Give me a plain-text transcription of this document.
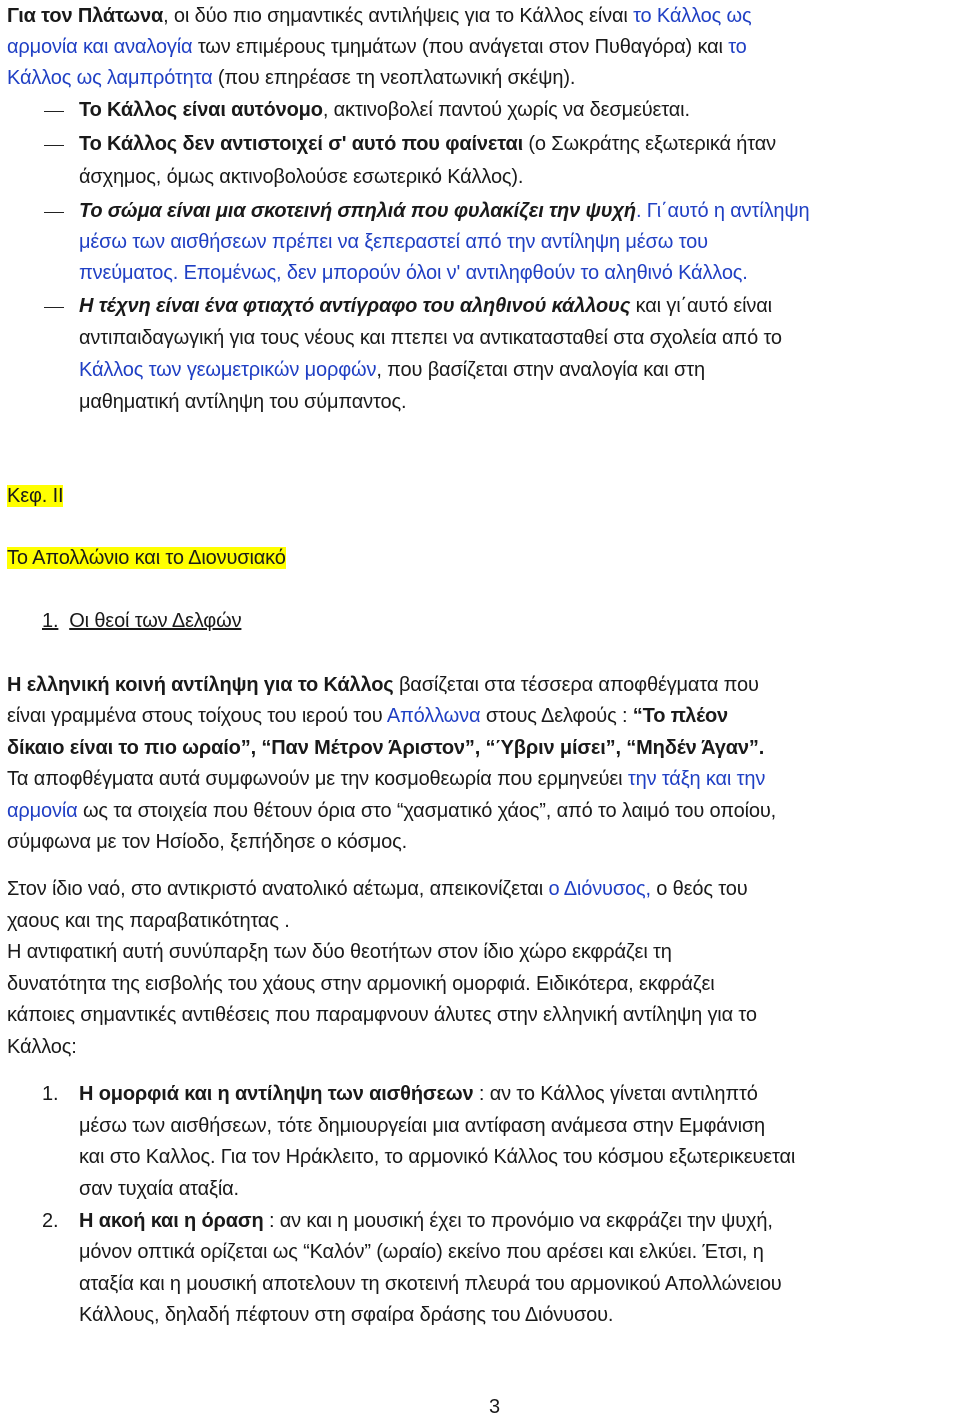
Για τον Πλάτωνα, οι δύο πιο σημαντικές αντιλήψεις για το Κάλλος είναι το Κάλλος ως
αρμονία και αναλογία των επιμέρους τμημάτων (που ανάγεται στον Πυθαγόρα) και το
Κάλλος ως λαμπρότητα (που επηρέασε τη νεοπλατωνική σκέψη).
Το Κάλλος είναι αυτόνομο, ακτινοβολεί παντού χωρίς να δεσμεύεται.
Το Κάλλος δεν αντιστοιχεί σ' αυτό που φαίνεται (ο Σωκράτης εξωτερικά ήταν
άσχημος, όμως ακτινοβολούσε εσωτερικό Κάλλος).
Το σώμα είναι μια σκοτεινή σπηλιά που φυλακίζει την ψυχή. Γι΄αυτό η αντίληψη
μέσω των αισθήσεων πρέπει να ξεπεραστεί από την αντίληψη μέσω του
πνεύματος. Επομένως, δεν μπορούν όλοι ν' αντιληφθούν το αληθινό Κάλλος.
Η τέχνη είναι ένα φτιαχτό αντίγραφο του αληθινού κάλλους και γι΄αυτό είναι
αντιπαιδαγωγική για τους νέους και πτεπει να αντικατασταθεί στα σχολεία από το
Κάλλος των γεωμετρικών μορφών, που βασίζεται στην αναλογία και στη
μαθηματική αντίληψη του σύμπαντος.
Κεφ. II
Το Απολλώνιο και το Διονυσιακό
1. Οι θεοί των Δελφών
Η ελληνική κοινή αντίληψη για το Κάλλος βασίζεται στα τέσσερα αποφθέγματα που
είναι γραμμένα στους τοίχους του ιερού του Απόλλωνα στους Δελφούς : “Το πλέον
δίκαιο είναι το πιο ωραίο”, “Παν Μέτρον Άριστον”, “Ύβριν μίσει”, “Μηδέν Άγαν”.
Τα αποφθέγματα αυτά συμφωνούν με την κοσμοθεωρία που ερμηνεύει την τάξη και την
αρμονία ως τα στοιχεία που θέτουν όρια στο “χασματικό χάος”, από το λαιμό του οποίου,
σύμφωνα με τον Ησίοδο, ξεπήδησε ο κόσμος.
Στον ίδιο ναό, στο αντικριστό ανατολικό αέτωμα, απεικονίζεται ο Διόνυσος, ο θεός του
χαους και της παραβατικότητας .
Η αντιφατική αυτή συνύπαρξη των δύο θεοτήτων στον ίδιο χώρο εκφράζει τη
δυνατότητα της εισβολής του χάους στην αρμονική ομορφιά. Ειδικότερα, εκφράζει
κάποιες σημαντικές αντιθέσεις που παραμφνουν άλυτες στην ελληνική αντίληψη για το
Κάλλος:
1. Η ομορφιά και η αντίληψη των αισθήσεων : αν το Κάλλος γίνεται αντιληπτό
μέσω των αισθήσεων, τότε δημιουργείαι μια αντίφαση ανάμεσα στην Εμφάνιση
και στο Καλλος. Για τον Ηράκλειτο, το αρμονικό Κάλλος του κόσμου εξωτερικευεται
σαν τυχαία αταξία.
2. Η ακοή και η όραση : αν και η μουσική έχει το προνόμιο να εκφράζει την ψυχή,
μόνον οπτικά ορίζεται ως “Καλόν” (ωραίο) εκείνο που αρέσει και ελκύει. Έτσι, η
αταξία και η μουσική αποτελουν τη σκοτεινή πλευρά του αρμονικού Απολλώνειου
Κάλλους, δηλαδή πέφτουν στη σφαίρα δράσης του Διόνυσου.
3
